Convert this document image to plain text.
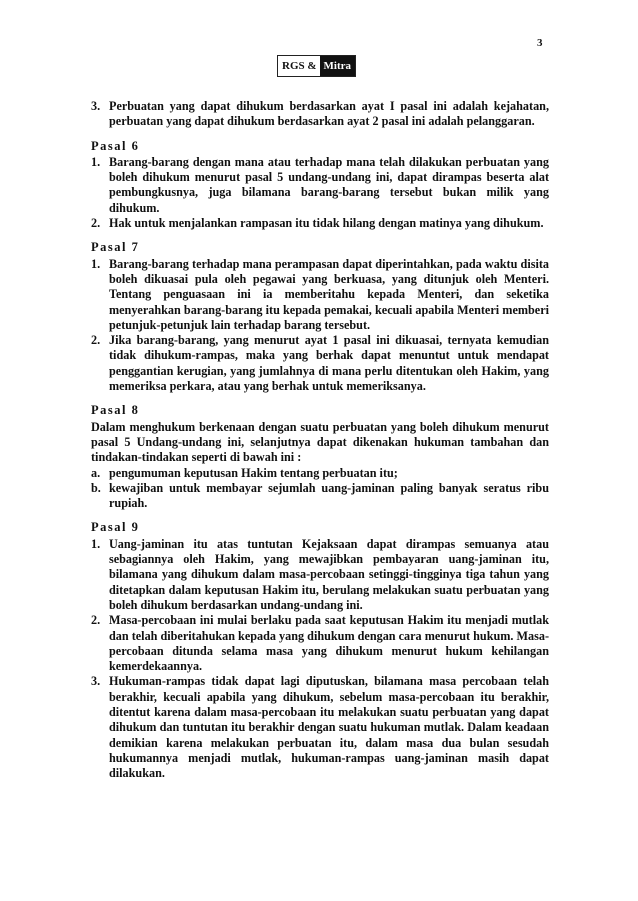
3
RGS & Mitra
3. Perbuatan yang dapat dihukum berdasarkan ayat I pasal ini adalah kejahatan, perbuatan yang dapat dihukum berdasarkan ayat 2 pasal ini adalah pelanggaran.
Pasal 6
1. Barang-barang dengan mana atau terhadap mana telah dilakukan perbuatan yang boleh dihukum menurut pasal 5 undang-undang ini, dapat dirampas beserta alat pembungkusnya, juga bilamana barang-barang tersebut bukan milik yang dihukum.
2. Hak untuk menjalankan rampasan itu tidak hilang dengan matinya yang dihukum.
Pasal 7
1. Barang-barang terhadap mana perampasan dapat diperintahkan, pada waktu disita boleh dikuasai pula oleh pegawai yang berkuasa, yang ditunjuk oleh Menteri. Tentang penguasaan ini ia memberitahu kepada Menteri, dan seketika menyerahkan barang-barang itu kepada pemakai, kecuali apabila Menteri memberi petunjuk-petunjuk lain terhadap barang tersebut.
2. Jika barang-barang, yang menurut ayat 1 pasal ini dikuasai, ternyata kemudian tidak dihukum-rampas, maka yang berhak dapat menuntut untuk mendapat penggantian kerugian, yang jumlahnya di mana perlu ditentukan oleh Hakim, yang memeriksa perkara, atau yang berhak untuk memeriksanya.
Pasal 8
Dalam menghukum berkenaan dengan suatu perbuatan yang boleh dihukum menurut pasal 5 Undang-undang ini, selanjutnya dapat dikenakan hukuman tambahan dan tindakan-tindakan seperti di bawah ini :
a. pengumuman keputusan Hakim tentang perbuatan itu;
b. kewajiban untuk membayar sejumlah uang-jaminan paling banyak seratus ribu rupiah.
Pasal 9
1. Uang-jaminan itu atas tuntutan Kejaksaan dapat dirampas semuanya atau sebagiannya oleh Hakim, yang mewajibkan pembayaran uang-jaminan itu, bilamana yang dihukum dalam masa-percobaan setinggi-tingginya tiga tahun yang ditetapkan dalam keputusan Hakim itu, berulang melakukan suatu perbuatan yang boleh dihukum berdasarkan undang-undang ini.
2. Masa-percobaan ini mulai berlaku pada saat keputusan Hakim itu menjadi mutlak dan telah diberitahukan kepada yang dihukum dengan cara menurut hukum. Masa-percobaan ditunda selama masa yang dihukum menurut hukum kehilangan kemerdekaannya.
3. Hukuman-rampas tidak dapat lagi diputuskan, bilamana masa percobaan telah berakhir, kecuali apabila yang dihukum, sebelum masa-percobaan itu berakhir, ditentut karena dalam masa-percobaan itu melakukan suatu perbuatan yang dapat dihukum dan tuntutan itu berakhir dengan suatu hukuman mutlak. Dalam keadaan demikian karena melakukan perbuatan itu, dalam masa dua bulan sesudah hukumannya menjadi mutlak, hukuman-rampas uang-jaminan masih dapat dilakukan.
